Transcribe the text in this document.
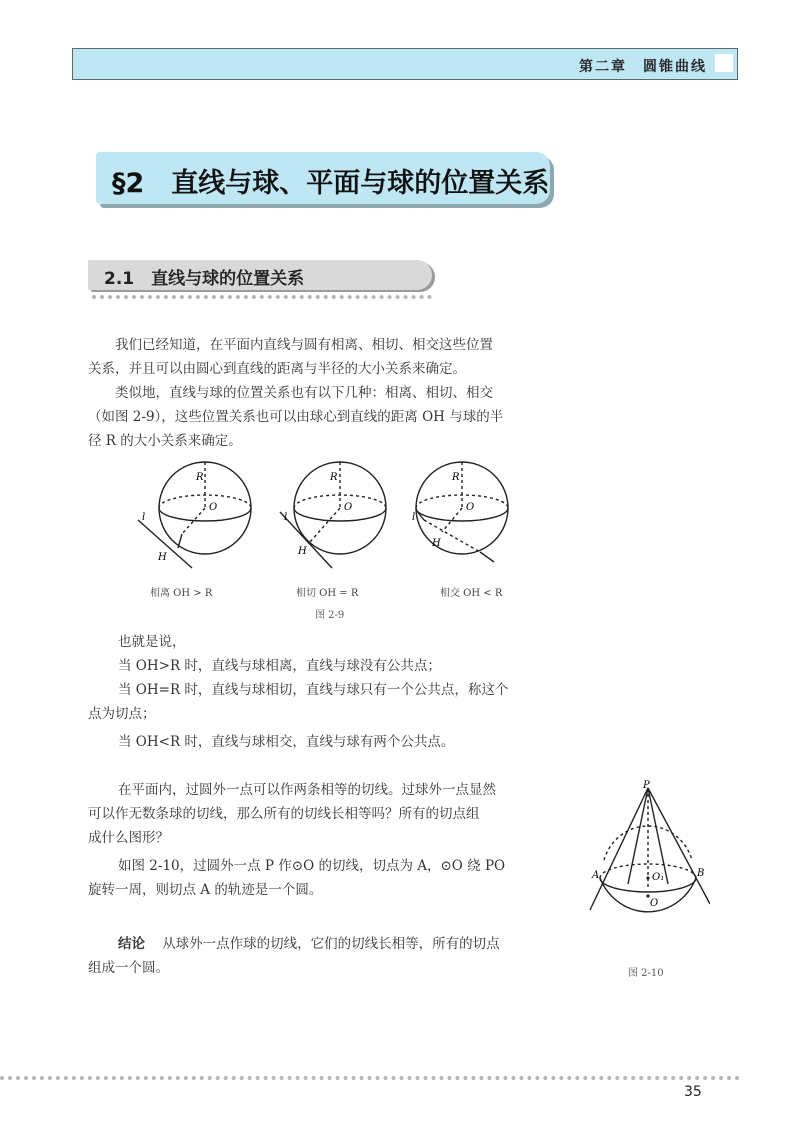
第二章　圆锥曲线
§2　直线与球、平面与球的位置关系
2.1　直线与球的位置关系
我们已经知道，在平面内直线与圆有相离、相切、相交这些位置
关系，并且可以由圆心到直线的距离与半径的大小关系来确定。
类似地，直线与球的位置关系也有以下几种：相离、相切、相交
（如图 2-9），这些位置关系也可以由球心到直线的距离 OH 与球的半
径 R 的大小关系来确定。
R
O
H
l
R
O
H
l
R
O
H
l
相离 OH > R	相切 OH = R	相交 OH < R
图 2-9
也就是说，
当 OH>R 时，直线与球相离，直线与球没有公共点；
当 OH=R 时，直线与球相切，直线与球只有一个公共点，称这个
点为切点；
当 OH<R 时，直线与球相交，直线与球有两个公共点。
在平面内，过圆外一点可以作两条相等的切线。过球外一点显然
可以作无数条球的切线，那么所有的切线长相等吗？所有的切点组
成什么图形？
如图 2-10，过圆外一点 P 作⊙O 的切线，切点为 A，⊙O 绕 PO
旋转一周，则切点 A 的轨迹是一个圆。
结论 从球外一点作球的切线，它们的切线长相等，所有的切点
组成一个圆。
P
A	B
O₁
O
图 2-10
35
